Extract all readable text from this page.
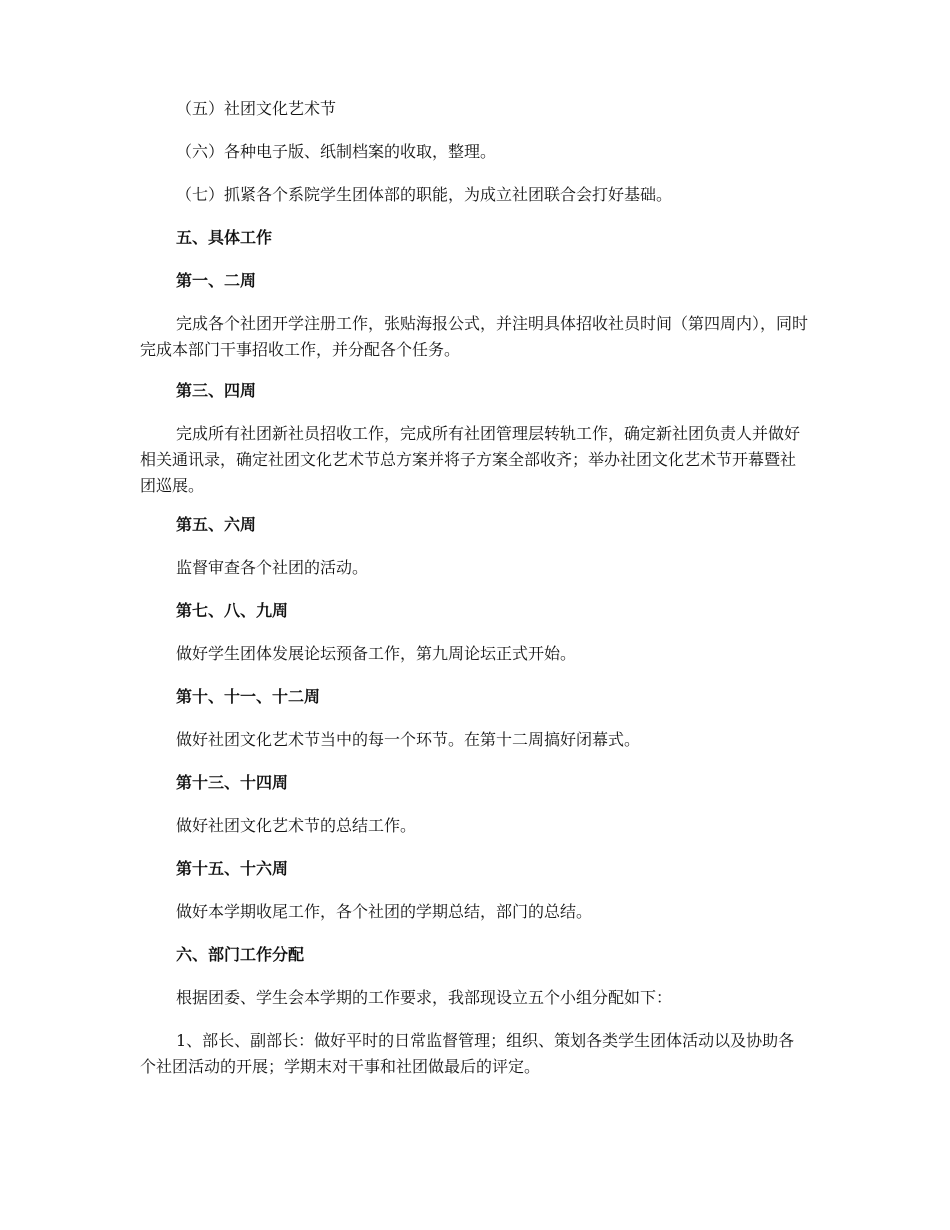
（五）社团文化艺术节
（六）各种电子版、纸制档案的收取，整理。
（七）抓紧各个系院学生团体部的职能，为成立社团联合会打好基础。
五、具体工作
第一、二周
完成各个社团开学注册工作，张贴海报公式，并注明具体招收社员时间（第四周内），同时完成本部门干事招收工作，并分配各个任务。
第三、四周
完成所有社团新社员招收工作，完成所有社团管理层转轨工作，确定新社团负责人并做好相关通讯录，确定社团文化艺术节总方案并将子方案全部收齐；举办社团文化艺术节开幕暨社团巡展。
第五、六周
监督审查各个社团的活动。
第七、八、九周
做好学生团体发展论坛预备工作，第九周论坛正式开始。
第十、十一、十二周
做好社团文化艺术节当中的每一个环节。在第十二周搞好闭幕式。
第十三、十四周
做好社团文化艺术节的总结工作。
第十五、十六周
做好本学期收尾工作，各个社团的学期总结，部门的总结。
六、部门工作分配
根据团委、学生会本学期的工作要求，我部现设立五个小组分配如下：
1、部长、副部长：做好平时的日常监督管理；组织、策划各类学生团体活动以及协助各个社团活动的开展；学期末对干事和社团做最后的评定。
